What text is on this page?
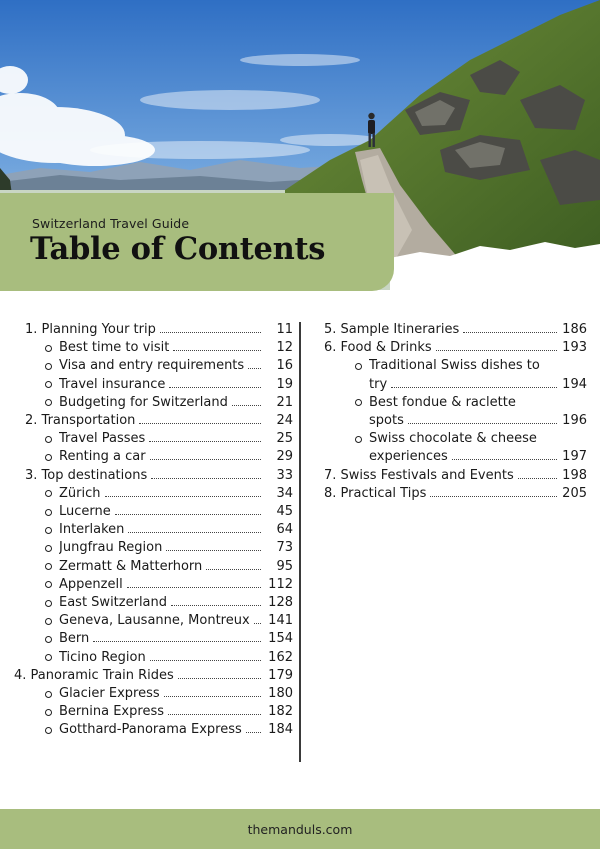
Switzerland Travel Guide
Table of Contents
1. Planning Your trip	11
Best time to visit	12
Visa and entry requirements 16
Travel insurance	19
Budgeting for Switzerland	21
2. Transportation	24
Travel Passes	25
Renting a car	29
3. Top destinations	33
Zürich	34
Lucerne	45
Interlaken	64
Jungfrau Region	73
Zermatt & Matterhorn	95
Appenzell	112
East Switzerland	128
Geneva, Lausanne, Montreux 141
Bern	154
Ticino Region	162
4. Panoramic Train Rides	179
Glacier Express	180
Bernina Express	182
Gotthard-Panorama Express 184
5. Sample Itineraries	186
6. Food & Drinks	193
Traditional Swiss dishes to
try	194
Best fondue & raclette
spots	196
Swiss chocolate & cheese
experiences	197
7. Swiss Festivals and Events	198
8. Practical Tips	205
themanduls.com
